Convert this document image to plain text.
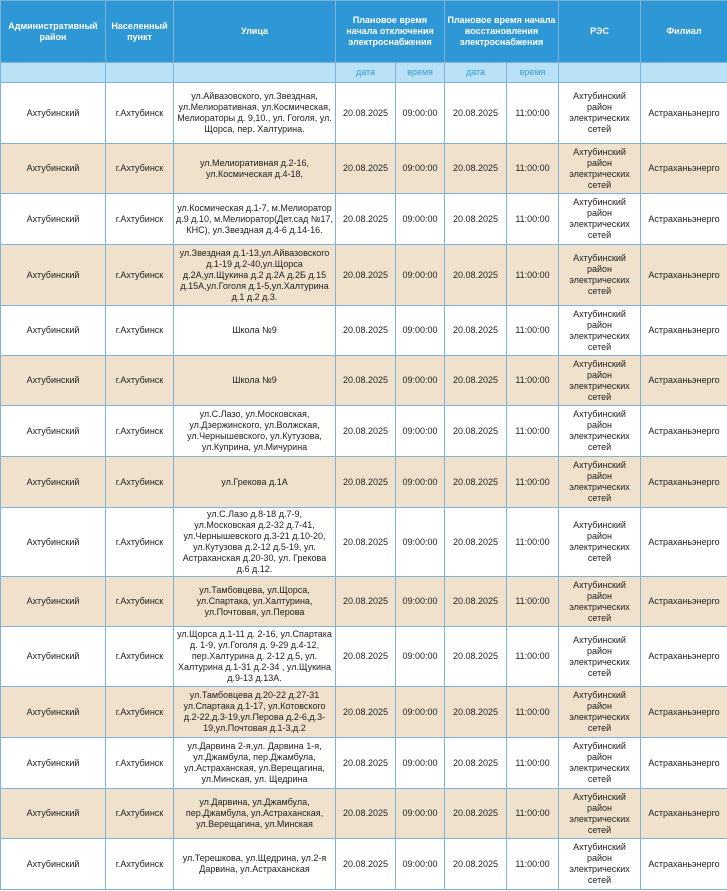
Административный район	Населенный пункт	Улица	Плановое время начала отключения электроснабжения		Плановое время начала восстановления электроснабжения		РЭС	Филиал
			дата	время	дата	время		
Ахтубинский	г.Ахтубинск	ул.Айвазовского, ул.Звездная, ул.Мелиоративная, ул.Космическая, Мелиораторы д. 9,10., ул. Гоголя, ул. Щорса, пер. Халтурина.	20.08.2025	09:00:00	20.08.2025	11:00:00	Ахтубинский район электрических сетей	Астраханьэнерго
Ахтубинский	г.Ахтубинск	ул.Мелиоративная д.2-16, ул.Космическая д.4-18,	20.08.2025	09:00:00	20.08.2025	11:00:00	Ахтубинский район электрических сетей	Астраханьэнерго
Ахтубинский	г.Ахтубинск	ул.Космическая д.1-7, м.Мелиоратор д.9 д.10, м.Мелиоратор(Дет.сад №17, КНС), ул.Звездная д.4-6 д.14-16.	20.08.2025	09:00:00	20.08.2025	11:00:00	Ахтубинский район электрических сетей	Астраханьэнерго
Ахтубинский	г.Ахтубинск	ул.Звездная д.1-13,ул.Айвазовского д.1-19 д.2-40,ул.Щорса д.2А,ул.Щукина д.2 д.2А д.2Б д.15 д.15А,ул.Гоголя д.1-5,ул.Халтурина д.1 д.2 д.3.	20.08.2025	09:00:00	20.08.2025	11:00:00	Ахтубинский район электрических сетей	Астраханьэнерго
Ахтубинский	г.Ахтубинск	Школа №9	20.08.2025	09:00:00	20.08.2025	11:00:00	Ахтубинский район электрических сетей	Астраханьэнерго
Ахтубинский	г.Ахтубинск	Школа №9	20.08.2025	09:00:00	20.08.2025	11:00:00	Ахтубинский район электрических сетей	Астраханьэнерго
Ахтубинский	г.Ахтубинск	ул.С.Лазо, ул.Московская, ул.Дзержинского, ул.Волжская, ул.Чернышевского, ул.Кутузова, ул.Куприна, ул.Мичурина	20.08.2025	09:00:00	20.08.2025	11:00:00	Ахтубинский район электрических сетей	Астраханьэнерго
Ахтубинский	г.Ахтубинск	ул.Грекова д.1А	20.08.2025	09:00:00	20.08.2025	11:00:00	Ахтубинский район электрических сетей	Астраханьэнерго
Ахтубинский	г.Ахтубинск	ул.С.Лазо д.8-18 д.7-9, ул.Московская д.2-32 д.7-41, ул.Чернышевского д.3-21 д.10-20, ул.Кутузова д.2-12 д.5-19, ул. Астраханская д.20-30, ул. Грекова д.6 д.12.	20.08.2025	09:00:00	20.08.2025	11:00:00	Ахтубинский район электрических сетей	Астраханьэнерго
Ахтубинский	г.Ахтубинск	ул.Тамбовцева, ул.Щорса, ул.Спартака, ул.Халтурина, ул.Почтовая, ул.Перова	20.08.2025	09:00:00	20.08.2025	11:00:00	Ахтубинский район электрических сетей	Астраханьэнерго
Ахтубинский	г.Ахтубинск	ул.Щорса д.1-11 д. 2-16, ул.Спартака д. 1-9, ул.Гоголя д. 9-29 д.4-12, пер.Халтурина д. 2-12 д.5, ул. Халтурина д.1-31 д.2-34 , ул.Щукина д.9-13 д.13А.	20.08.2025	09:00:00	20.08.2025	11:00:00	Ахтубинский район электрических сетей	Астраханьэнерго
Ахтубинский	г.Ахтубинск	ул.Тамбовцева д.20-22 д.27-31 ул.Спартака д.1-17, ул.Котовского д.2-22,д.3-19,ул.Перова д.2-6,д.3-19,ул.Почтовая д.1-3,д.2	20.08.2025	09:00:00	20.08.2025	11:00:00	Ахтубинский район электрических сетей	Астраханьэнерго
Ахтубинский	г.Ахтубинск	ул.Дарвина 2-я,ул. Дарвина 1-я, ул.Джамбула, пер.Джамбула, ул.Астраханская, ул.Верещагина, ул.Минская, ул. Щедрина	20.08.2025	09:00:00	20.08.2025	11:00:00	Ахтубинский район электрических сетей	Астраханьэнерго
Ахтубинский	г.Ахтубинск	ул.Дарвина, ул.Джамбула, пер.Джамбула, ул.Астраханская, ул.Верещагина, ул.Минская	20.08.2025	09:00:00	20.08.2025	11:00:00	Ахтубинский район электрических сетей	Астраханьэнерго
Ахтубинский	г.Ахтубинск	ул.Терешкова, ул.Щедрина, ул.2-я Дарвина, ул.Астраханская	20.08.2025	09:00:00	20.08.2025	11:00:00	Ахтубинский район электрических сетей	Астраханьэнерго
